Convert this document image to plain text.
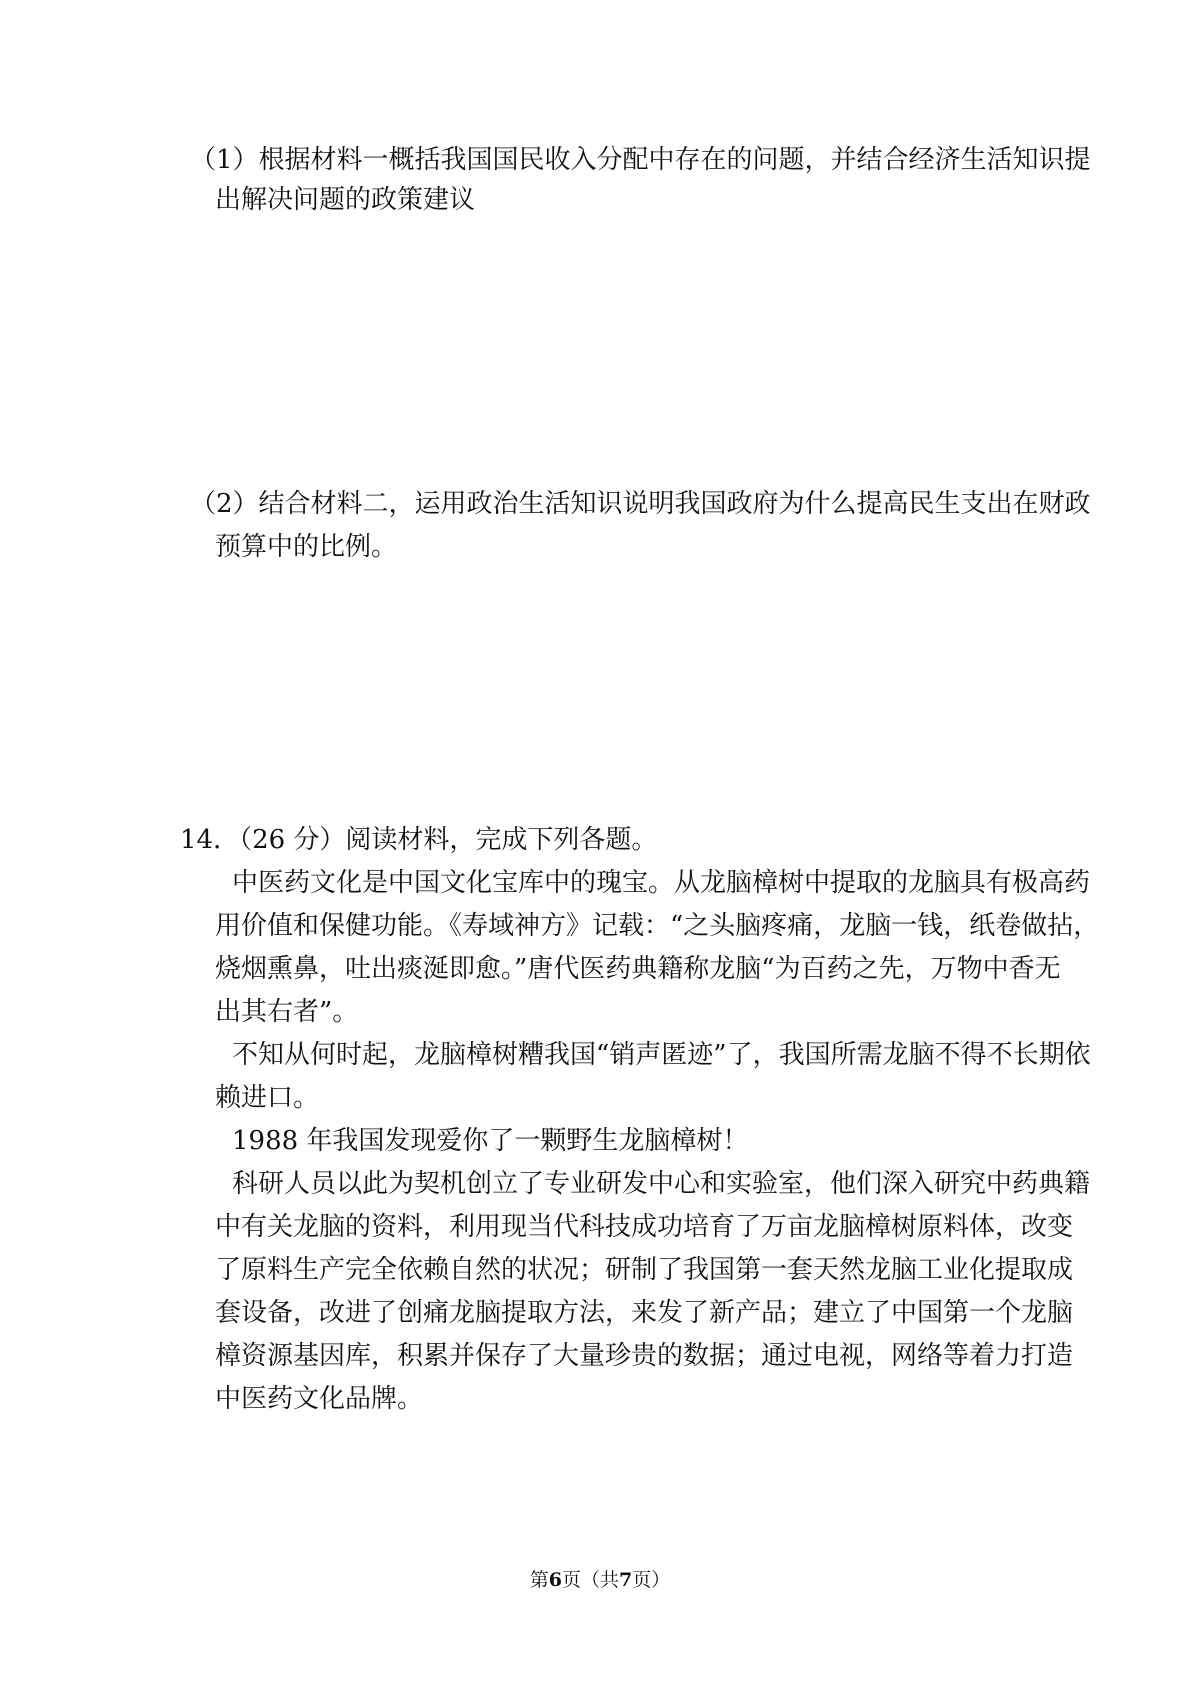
（1）根据材料一概括我国国民收入分配中存在的问题，并结合经济生活知识提

出解决问题的政策建议

（2）结合材料二，运用政治生活知识说明我国政府为什么提高民生支出在财政

预算中的比例。

14．（26 分）阅读材料，完成下列各题。

中医药文化是中国文化宝库中的瑰宝。从龙脑樟树中提取的龙脑具有极高药

用价值和保健功能。《寿域神方》记载：“之头脑疼痛，龙脑一钱，纸卷做拈，

烧烟熏鼻，吐出痰涎即愈。”唐代医药典籍称龙脑“为百药之先，万物中香无

出其右者”。

不知从何时起，龙脑樟树糟我国“销声匿迹”了，我国所需龙脑不得不长期依

赖进口。

1988 年我国发现爱你了一颗野生龙脑樟树！

科研人员以此为契机创立了专业研发中心和实验室，他们深入研究中药典籍

中有关龙脑的资料，利用现当代科技成功培育了万亩龙脑樟树原料体，改变

了原料生产完全依赖自然的状况；研制了我国第一套天然龙脑工业化提取成

套设备，改进了创痛龙脑提取方法，来发了新产品；建立了中国第一个龙脑

樟资源基因库，积累并保存了大量珍贵的数据；通过电视，网络等着力打造

中医药文化品牌。

第6页（共7页）
